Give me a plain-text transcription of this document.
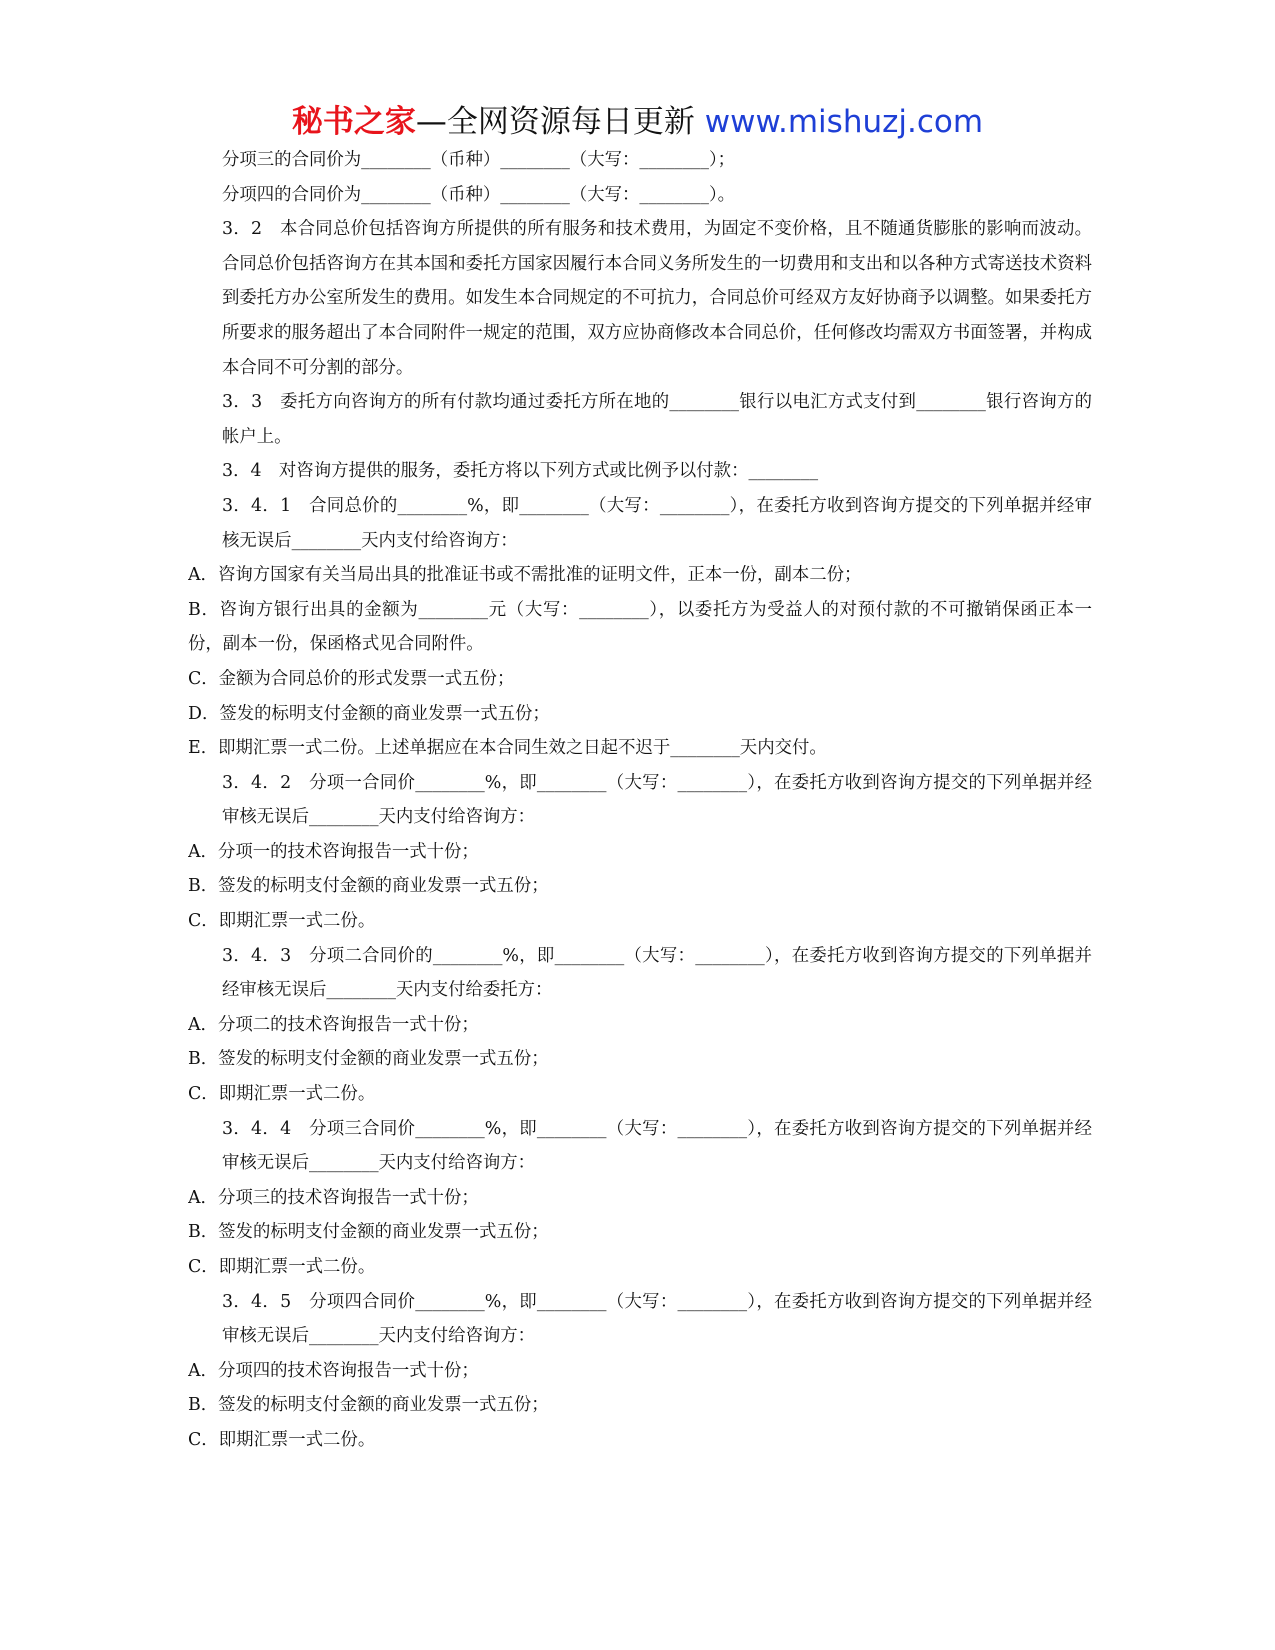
秘书之家—全网资源每日更新 www.mishuzj.com

分项三的合同价为________（币种）________（大写：________）；

分项四的合同价为________（币种）________（大写：________）。

3．2　本合同总价包括咨询方所提供的所有服务和技术费用，为固定不变价格，且不随通货膨胀的影响而波动。合同总价包括咨询方在其本国和委托方国家因履行本合同义务所发生的一切费用和支出和以各种方式寄送技术资料到委托方办公室所发生的费用。如发生本合同规定的不可抗力，合同总价可经双方友好协商予以调整。如果委托方所要求的服务超出了本合同附件一规定的范围，双方应协商修改本合同总价，任何修改均需双方书面签署，并构成本合同不可分割的部分。

3．3　委托方向咨询方的所有付款均通过委托方所在地的________银行以电汇方式支付到________银行咨询方的帐户上。

3．4　对咨询方提供的服务，委托方将以下列方式或比例予以付款：________

3．4．1　合同总价的________%，即________（大写：________），在委托方收到咨询方提交的下列单据并经审核无误后________天内支付给咨询方：

A．咨询方国家有关当局出具的批准证书或不需批准的证明文件，正本一份，副本二份；

B．咨询方银行出具的金额为________元（大写：________），以委托方为受益人的对预付款的不可撤销保函正本一份，副本一份，保函格式见合同附件。

C．金额为合同总价的形式发票一式五份；

D．签发的标明支付金额的商业发票一式五份；

E．即期汇票一式二份。上述单据应在本合同生效之日起不迟于________天内交付。

3．4．2　分项一合同价________%，即________（大写：________），在委托方收到咨询方提交的下列单据并经审核无误后________天内支付给咨询方：

A．分项一的技术咨询报告一式十份；

B．签发的标明支付金额的商业发票一式五份；

C．即期汇票一式二份。

3．4．3　分项二合同价的________%，即________（大写：________），在委托方收到咨询方提交的下列单据并经审核无误后________天内支付给委托方：

A．分项二的技术咨询报告一式十份；

B．签发的标明支付金额的商业发票一式五份；

C．即期汇票一式二份。

3．4．4　分项三合同价________%，即________（大写：________），在委托方收到咨询方提交的下列单据并经审核无误后________天内支付给咨询方：

A．分项三的技术咨询报告一式十份；

B．签发的标明支付金额的商业发票一式五份；

C．即期汇票一式二份。

3．4．5　分项四合同价________%，即________（大写：________），在委托方收到咨询方提交的下列单据并经审核无误后________天内支付给咨询方：

A．分项四的技术咨询报告一式十份；

B．签发的标明支付金额的商业发票一式五份；

C．即期汇票一式二份。
